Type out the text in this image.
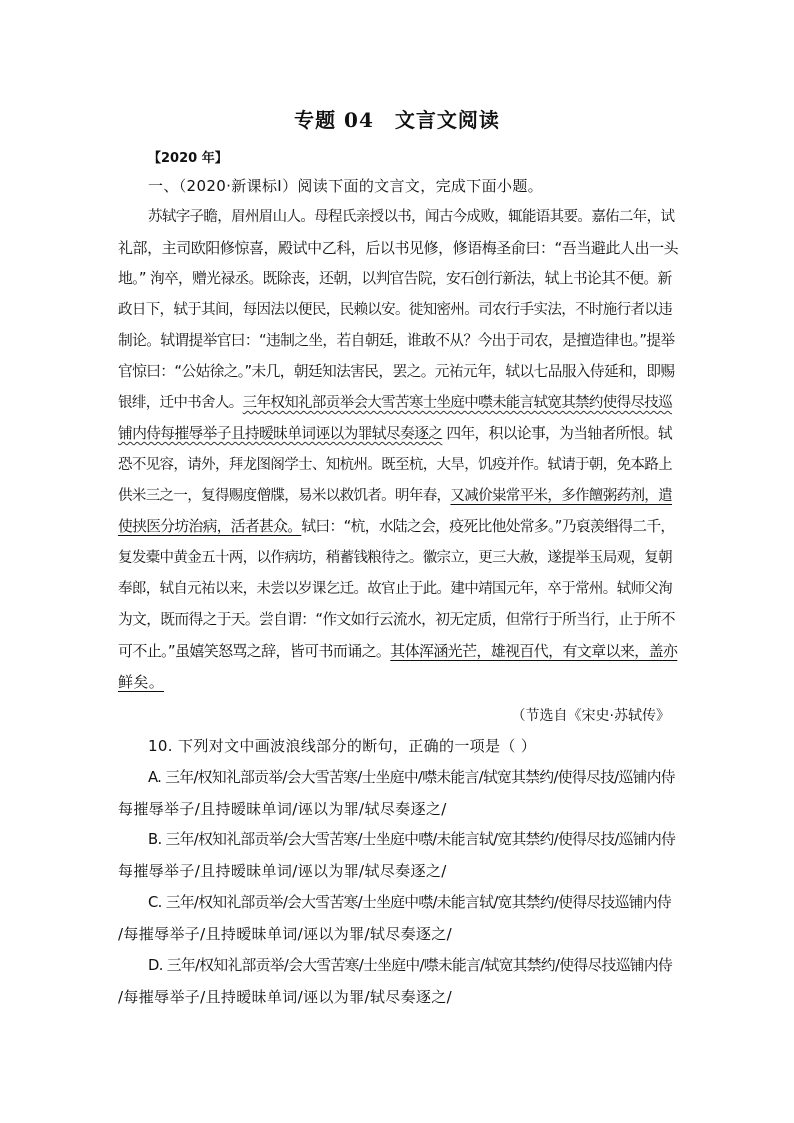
专题 04　文言文阅读
【2020 年】
一、（2020·新课标Ⅰ）阅读下面的文言文，完成下面小题。
苏轼字子瞻，眉州眉山人。母程氏亲授以书，闻古今成败，辄能语其要。嘉佑二年，试
礼部，主司欧阳修惊喜，殿试中乙科，后以书见修，修语梅圣俞曰：“吾当避此人出一头
地。” 洵卒，赠光禄丞。既除丧，还朝，以判官告院，安石创行新法，轼上书论其不便。新
政日下，轼于其间，每因法以便民，民赖以安。徙知密州。司农行手实法，不时施行者以违
制论。轼谓提举官曰：“违制之坐，若自朝廷，谁敢不从？今出于司农，是擅造律也。”提举
官惊曰：“公姑徐之。”未几，朝廷知法害民，罢之。元祐元年，轼以七品服入侍延和，即赐
银绯，迁中书舍人。三年权知礼部贡举会大雪苦寒士坐庭中噤未能言轼宽其禁约使得尽技巡
铺内侍每摧辱举子且持暧昧单词诬以为罪轼尽奏逐之 四年，积以论事，为当轴者所恨。轼
恐不见容，请外，拜龙图阁学士、知杭州。既至杭，大旱，饥疫并作。轼请于朝，免本路上
供米三之一，复得赐度僧牒，易米以救饥者。明年春，又减价粜常平米，多作饘粥药剂，遣
使挟医分坊治病，活者甚众。轼曰：“杭，水陆之会，疫死比他处常多。”乃裒羡缗得二千，
复发橐中黄金五十两，以作病坊，稍蓄钱粮待之。徽宗立，更三大赦，遂提举玉局观，复朝
奉郎，轼自元祐以来，未尝以岁课乞迁。故官止于此。建中靖国元年，卒于常州。轼师父洵
为文，既而得之于天。尝自谓：“作文如行云流水，初无定质，但常行于所当行，止于所不
可不止。”虽嬉笑怒骂之辞，皆可书而诵之。其体浑涵光芒，雄视百代，有文章以来，盖亦
鲜矣。
（节选自《宋史·苏轼传》
10. 下列对文中画波浪线部分的断句，正确的一项是（ ）
A. 三年/权知礼部贡举/会大雪苦寒/士坐庭中/噤未能言/轼宽其禁约/使得尽技/巡铺内侍
每摧辱举子/且持暧昧单词/诬以为罪/轼尽奏逐之/
B. 三年/权知礼部贡举/会大雪苦寒/士坐庭中噤/未能言轼/宽其禁约/使得尽技/巡铺内侍
每摧辱举子/且持暧昧单词/诬以为罪/轼尽奏逐之/
C. 三年/权知礼部贡举/会大雪苦寒/士坐庭中噤/未能言轼/宽其禁约/使得尽技巡铺内侍
/每摧辱举子/且持暧昧单词/诬以为罪/轼尽奏逐之/
D. 三年/权知礼部贡举/会大雪苦寒/士坐庭中/噤未能言/轼宽其禁约/使得尽技巡铺内侍
/每摧辱举子/且持暧昧单词/诬以为罪/轼尽奏逐之/
